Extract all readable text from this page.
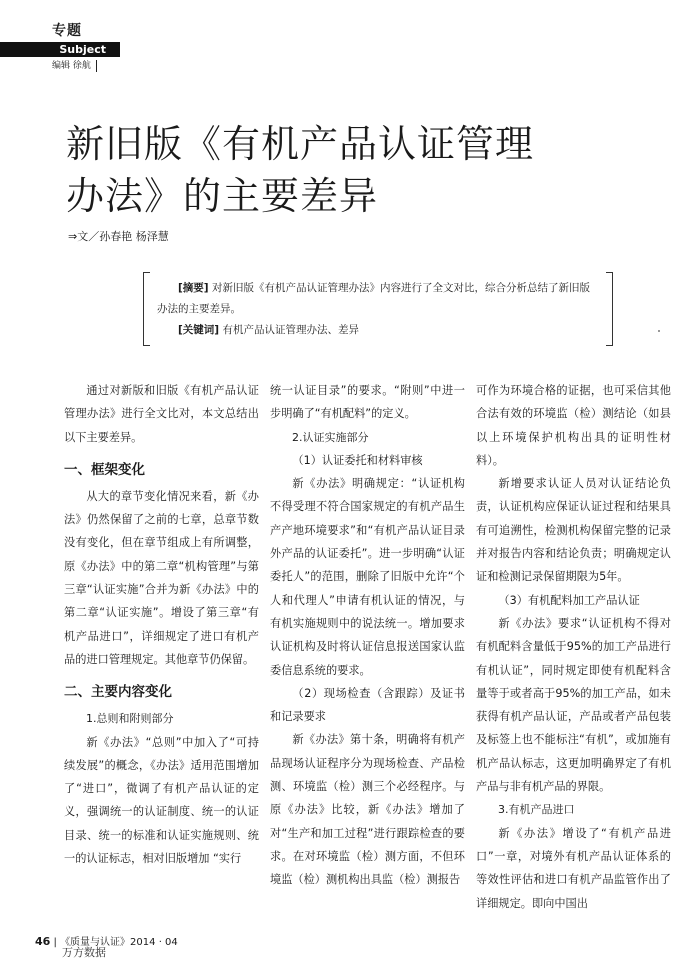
专题
Subject
编辑 徐航
新旧版《有机产品认证管理
办法》的主要差异
⇒文／孙春艳 杨泽慧
[摘要] 对新旧版《有机产品认证管理办法》内容进行了全文对比，综合分析总结了新旧版办法的主要差异。
[关键词] 有机产品认证管理办法、差异

通过对新版和旧版《有机产品认证管理办法》进行全文比对，本文总结出以下主要差异。

一、框架变化

从大的章节变化情况来看，新《办法》仍然保留了之前的七章，总章节数没有变化，但在章节组成上有所调整，原《办法》中的第二章“机构管理”与第三章“认证实施”合并为新《办法》中的第二章“认证实施”。增设了第三章“有机产品进口”，详细规定了进口有机产品的进口管理规定。其他章节仍保留。

二、主要内容变化

1.总则和附则部分

新《办法》“总则”中加入了“可持续发展”的概念，《办法》适用范围增加了“进口”，微调了有机产品认证的定义，强调统一的认证制度、统一的认证目录、统一的标准和认证实施规则、统一的认证标志，相对旧版增加 “实行

统一认证目录”的要求。“附则”中进一步明确了“有机配料”的定义。

2.认证实施部分

（1）认证委托和材料审核

新《办法》明确规定：“认证机构不得受理不符合国家规定的有机产品生产产地环境要求”和“有机产品认证目录外产品的认证委托”。进一步明确“认证委托人”的范围，删除了旧版中允许“个人和代理人”申请有机认证的情况，与有机实施规则中的说法统一。增加要求认证机构及时将认证信息报送国家认监委信息系统的要求。

（2）现场检查（含跟踪）及证书和记录要求

新《办法》第十条，明确将有机产品现场认证程序分为现场检查、产品检测、环境监（检）测三个必经程序。与原《办法》比较，新《办法》增加了对“生产和加工过程”进行跟踪检查的要求。在对环境监（检）测方面，不但环境监（检）测机构出具监（检）测报告

可作为环境合格的证据，也可采信其他合法有效的环境监（检）测结论（如县以上环境保护机构出具的证明性材料）。

新增要求认证人员对认证结论负责，认证机构应保证认证过程和结果具有可追溯性，检测机构保留完整的记录并对报告内容和结论负责；明确规定认证和检测记录保留期限为5年。

（3）有机配料加工产品认证

新《办法》要求“认证机构不得对有机配料含量低于95%的加工产品进行有机认证”，同时规定即使有机配料含量等于或者高于95%的加工产品，如未获得有机产品认证，产品或者产品包装及标签上也不能标注“有机”，或加施有机产品认标志，这更加明确界定了有机产品与非有机产品的界限。

3.有机产品进口

新《办法》增设了“有机产品进口”一章，对境外有机产品认证体系的等效性评估和进口有机产品监管作出了详细规定。即向中国出

46 | 《质量与认证》2014 · 04
万方数据
